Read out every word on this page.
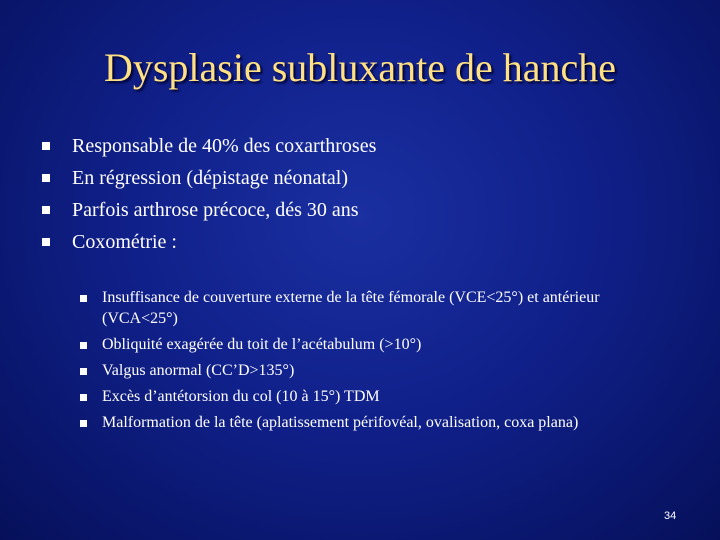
Dysplasie subluxante de hanche
Responsable de 40% des coxarthroses
En régression (dépistage néonatal)
Parfois arthrose précoce, dés 30 ans
Coxométrie :
Insuffisance de couverture externe de la tête fémorale (VCE<25°) et antérieur (VCA<25°)
Obliquité exagérée du toit de l’acétabulum (>10°)
Valgus anormal (CC’D>135°)
Excès d’antétorsion du col (10 à 15°) TDM
Malformation de la tête (aplatissement périfovéal, ovalisation, coxa plana)
34
